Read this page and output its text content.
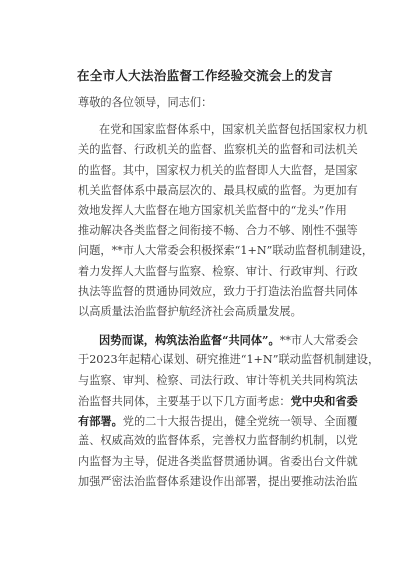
在全市人大法治监督工作经验交流会上的发言
尊敬的各位领导，同志们：
在党和国家监督体系中，国家机关监督包括国家权力机
关的监督、行政机关的监督、监察机关的监督和司法机关
的监督。其中，国家权力机关的监督即人大监督，是国家
机关监督体系中最高层次的、最具权威的监督。为更加有
效地发挥人大监督在地方国家机关监督中的“龙头”作用
推动解决各类监督之间衔接不畅、合力不够、刚性不强等
问题，**市人大常委会积极探索“1+N”联动监督机制建设，
着力发挥人大监督与监察、检察、审计、行政审判、行政
执法等监督的贯通协同效应，致力于打造法治监督共同体
以高质量法治监督护航经济社会高质量发展。
因势而谋，构筑法治监督“共同体”。**市人大常委会
于2023年起精心谋划、研究推进“1+N”联动监督机制建设，
与监察、审判、检察、司法行政、审计等机关共同构筑法
治监督共同体，主要基于以下几方面考虑：党中央和省委
有部署。党的二十大报告提出，健全党统一领导、全面覆
盖、权威高效的监督体系，完善权力监督制约机制，以党
内监督为主导，促进各类监督贯通协调。省委出台文件就
加强严密法治监督体系建设作出部署，提出要推动法治监
